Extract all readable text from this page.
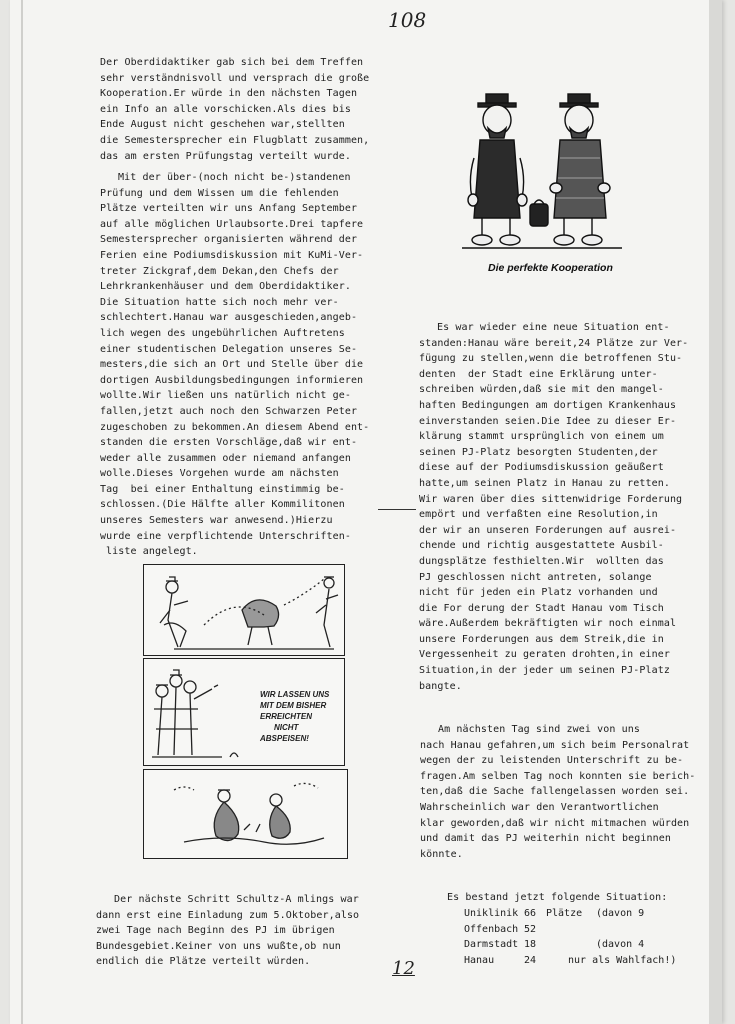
108
12
Der Oberdidaktiker gab sich bei dem Treffen
sehr verständnisvoll und versprach die große
Kooperation.Er würde in den nächsten Tagen
ein Info an alle vorschicken.Als dies bis
Ende August nicht geschehen war,stellten
die Semestersprecher ein Flugblatt zusammen,
das am ersten Prüfungstag verteilt wurde.
Mit der über-(noch nicht be-)standenen
Prüfung und dem Wissen um die fehlenden
Plätze verteilten wir uns Anfang September
auf alle möglichen Urlaubsorte.Drei tapfere
Semestersprecher organisierten während der
Ferien eine Podiumsdiskussion mit KuMi-Ver-
treter Zickgraf,dem Dekan,den Chefs der
Lehrkrankenhäuser und dem Oberdidaktiker.
Die Situation hatte sich noch mehr ver-
schlechtert.Hanau war ausgeschieden,angeb-
lich wegen des ungebührlichen Auftretens
einer studentischen Delegation unseres Se-
mesters,die sich an Ort und Stelle über die
dortigen Ausbildungsbedingungen informieren
wollte.Wir ließen uns natürlich nicht ge-
fallen,jetzt auch noch den Schwarzen Peter
zugeschoben zu bekommen.An diesem Abend ent-
standen die ersten Vorschläge,daß wir ent-
weder alle zusammen oder niemand anfangen
wolle.Dieses Vorgehen wurde am nächsten
Tag  bei einer Enthaltung einstimmig be-
schlossen.(Die Hälfte aller Kommilitonen
unseres Semesters war anwesend.)Hierzu
wurde eine verpflichtende Unterschriften-
liste angelegt.
WIR LASSEN UNS
MIT DEM BISHER
ERREICHTEN
NICHT
ABSPEISEN!
Der nächste Schritt Schultz-A mlings war
dann erst eine Einladung zum 5.Oktober,also
zwei Tage nach Beginn des PJ im übrigen
Bundesgebiet.Keiner von uns wußte,ob nun
endlich die Plätze verteilt würden.
Die perfekte Kooperation
Es war wieder eine neue Situation ent-
standen:Hanau wäre bereit,24 Plätze zur Ver-
fügung zu stellen,wenn die betroffenen Stu-
denten  der Stadt eine Erklärung unter-
schreiben würden,daß sie mit den mangel-
haften Bedingungen am dortigen Krankenhaus
einverstanden seien.Die Idee zu dieser Er-
klärung stammt ursprünglich von einem um
seinen PJ-Platz besorgten Studenten,der
diese auf der Podiumsdiskussion geäußert
hatte,um seinen Platz in Hanau zu retten.
Wir waren über dies sittenwidrige Forderung
empört und verfaßten eine Resolution,in
der wir an unseren Forderungen auf ausrei-
chende und richtig ausgestattete Ausbil-
dungsplätze festhielten.Wir  wollten das
PJ geschlossen nicht antreten, solange
nicht für jeden ein Platz vorhanden und
die For derung der Stadt Hanau vom Tisch
wäre.Außerdem bekräftigten wir noch einmal
unsere Forderungen aus dem Streik,die in
Vergessenheit zu geraten drohten,in einer
Situation,in der jeder um seinen PJ-Platz
bangte.
Am nächsten Tag sind zwei von uns
nach Hanau gefahren,um sich beim Personalrat
wegen der zu leistenden Unterschrift zu be-
fragen.Am selben Tag noch konnten sie berich-
ten,daß die Sache fallengelassen worden sei.
Wahrscheinlich war den Verantwortlichen
klar geworden,daß wir nicht mitmachen würden
und damit das PJ weiterhin nicht beginnen
könnte.
Es bestand jetzt folgende Situation:
Uniklinik 66 Plätze (davon 9
Offenbach 52
Darmstadt 18	(davon 4
Hanau	24	nur als Wahlfach!)
